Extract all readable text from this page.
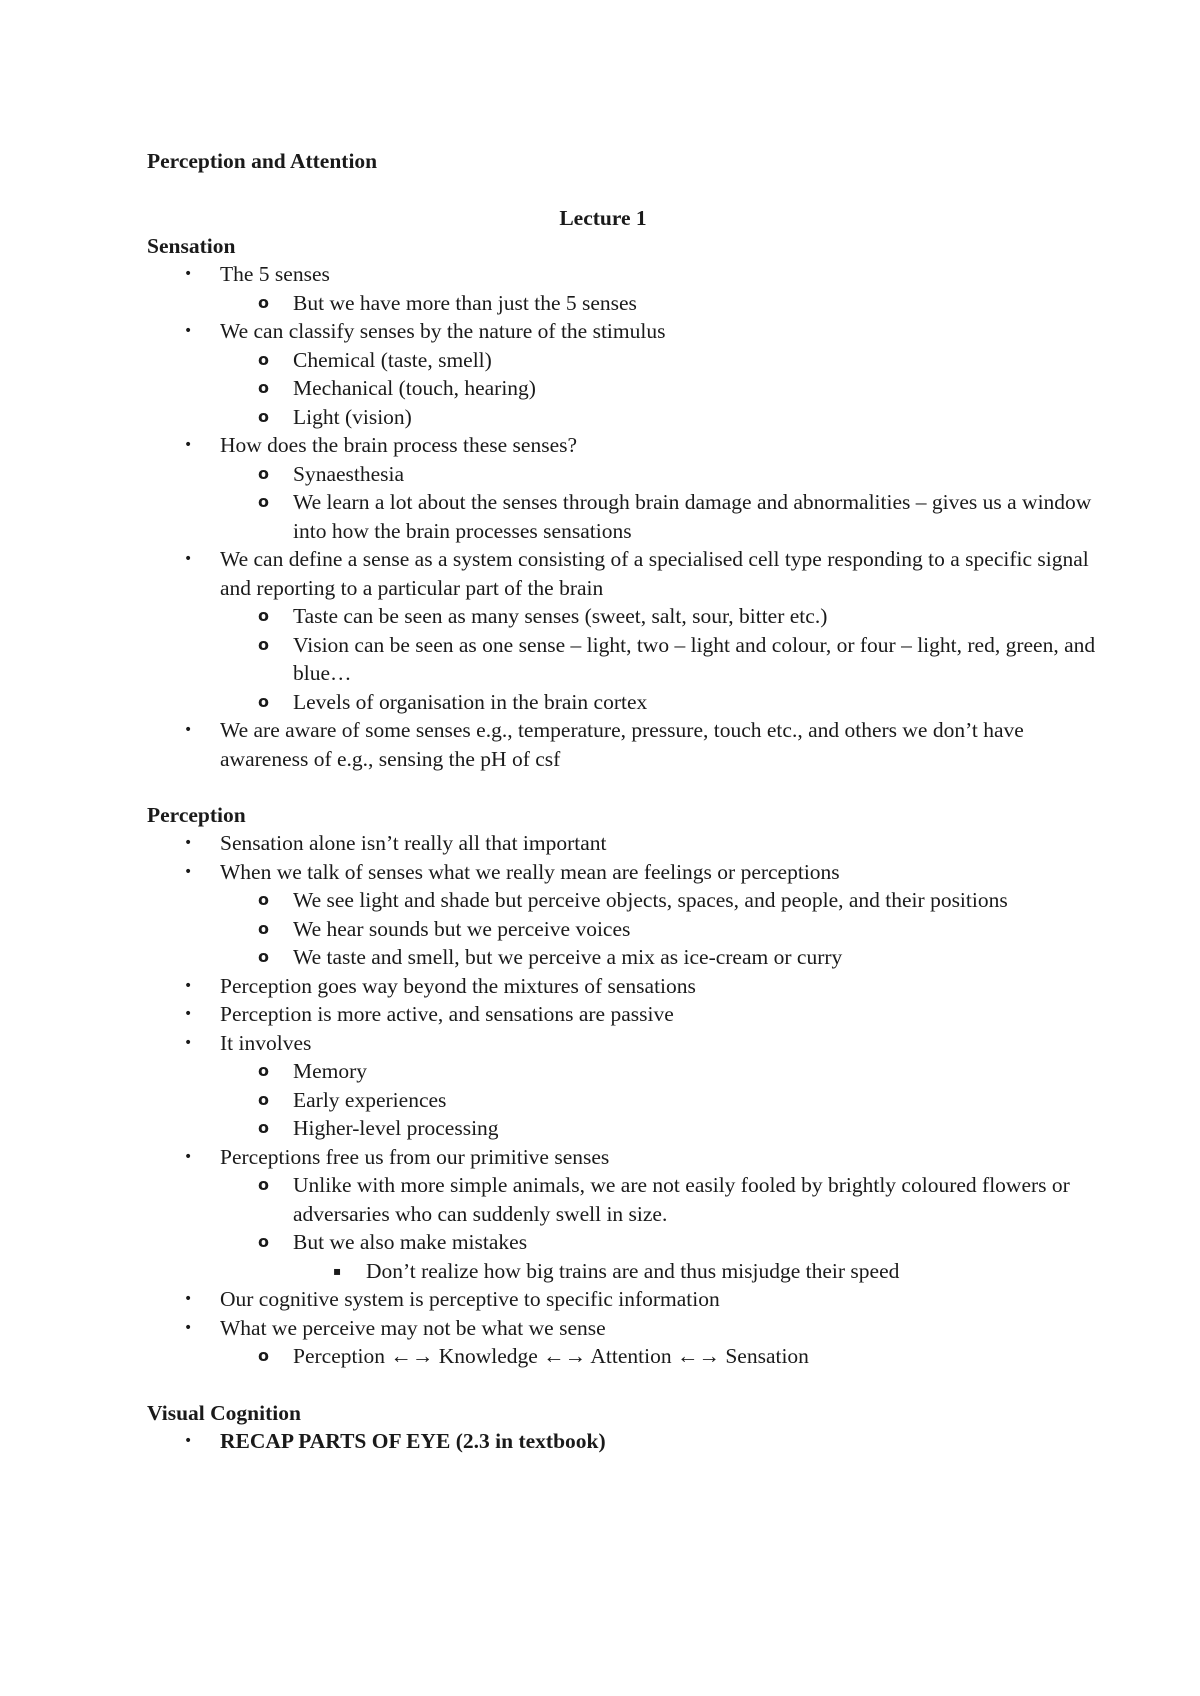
Perception and Attention

Lecture 1

Sensation

• The 5 senses
o But we have more than just the 5 senses
• We can classify senses by the nature of the stimulus
o Chemical (taste, smell)
o Mechanical (touch, hearing)
o Light (vision)
• How does the brain process these senses?
o Synaesthesia
o We learn a lot about the senses through brain damage and abnormalities – gives us a window into how the brain processes sensations
• We can define a sense as a system consisting of a specialised cell type responding to a specific signal and reporting to a particular part of the brain
o Taste can be seen as many senses (sweet, salt, sour, bitter etc.)
o Vision can be seen as one sense – light, two – light and colour, or four – light, red, green, and blue…
o Levels of organisation in the brain cortex
• We are aware of some senses e.g., temperature, pressure, touch etc., and others we don’t have awareness of e.g., sensing the pH of csf

Perception

• Sensation alone isn’t really all that important
• When we talk of senses what we really mean are feelings or perceptions
o We see light and shade but perceive objects, spaces, and people, and their positions
o We hear sounds but we perceive voices
o We taste and smell, but we perceive a mix as ice-cream or curry
• Perception goes way beyond the mixtures of sensations
• Perception is more active, and sensations are passive
• It involves
o Memory
o Early experiences
o Higher-level processing
• Perceptions free us from our primitive senses
o Unlike with more simple animals, we are not easily fooled by brightly coloured flowers or adversaries who can suddenly swell in size.
o But we also make mistakes
▪ Don’t realize how big trains are and thus misjudge their speed
• Our cognitive system is perceptive to specific information
• What we perceive may not be what we sense
o Perception ←→ Knowledge ←→ Attention ←→ Sensation

Visual Cognition

• RECAP PARTS OF EYE (2.3 in textbook)
